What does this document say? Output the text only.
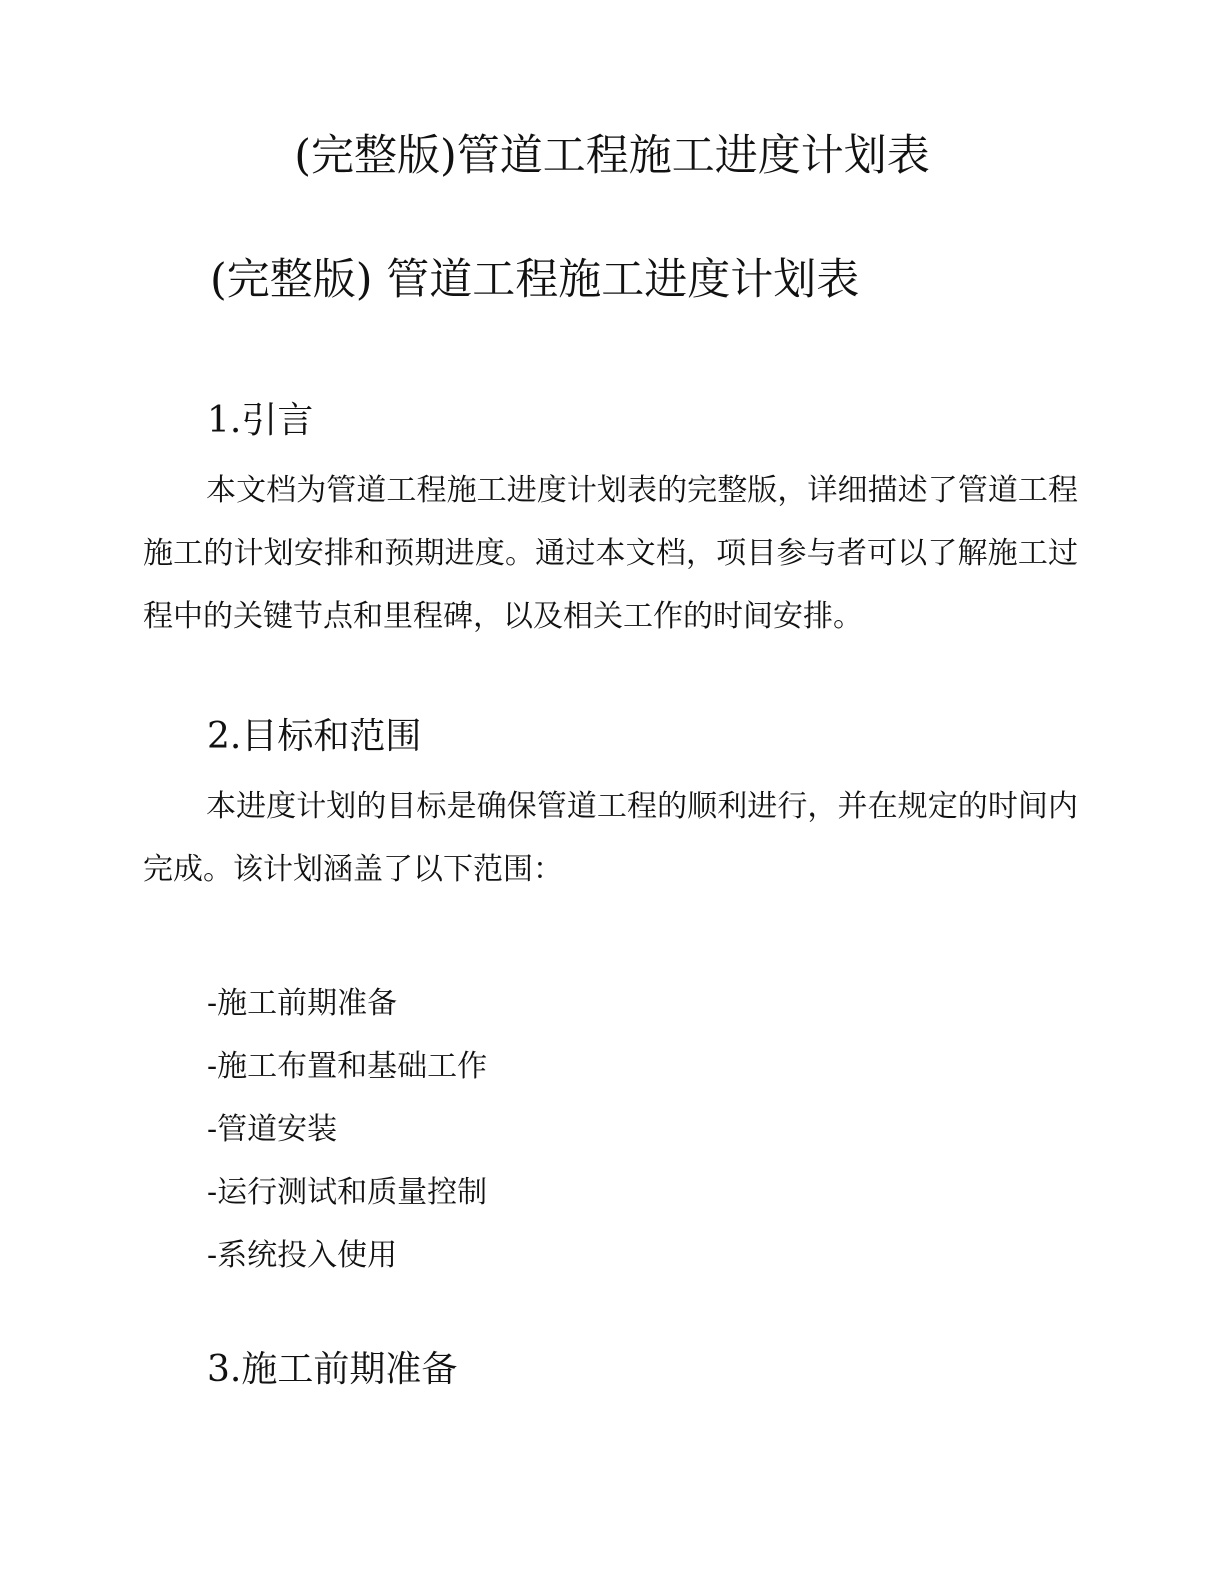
(完整版)管道工程施工进度计划表
(完整版) 管道工程施工进度计划表
1.引言

本文档为管道工程施工进度计划表的完整版，详细描述了管道工程施工的计划安排和预期进度。通过本文档，项目参与者可以了解施工过程中的关键节点和里程碑，以及相关工作的时间安排。

2.目标和范围

本进度计划的目标是确保管道工程的顺利进行，并在规定的时间内完成。该计划涵盖了以下范围：

-施工前期准备
-施工布置和基础工作
-管道安装
-运行测试和质量控制
-系统投入使用
3.施工前期准备
